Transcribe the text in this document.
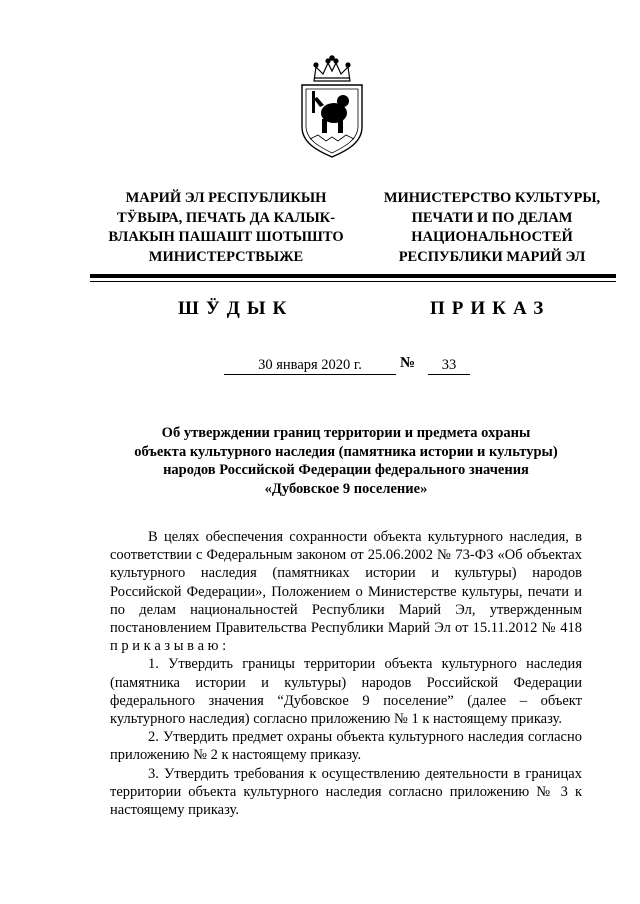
МАРИЙ ЭЛ РЕСПУБЛИКЫН
ТӰВЫРА, ПЕЧАТЬ ДА КАЛЫК-
ВЛАКЫН ПАШАШТ ШОТЫШТО
МИНИСТЕРСТВЫЖЕ
МИНИСТЕРСТВО КУЛЬТУРЫ,
ПЕЧАТИ И ПО ДЕЛАМ
НАЦИОНАЛЬНОСТЕЙ
РЕСПУБЛИКИ МАРИЙ ЭЛ
ШӰДЫК	ПРИКАЗ
30 января 2020 г.	№	33
Об утверждении границ территории и предмета охраны
объекта культурного наследия (памятника истории и культуры)
народов Российской Федерации федерального значения
«Дубовское 9 поселение»

В целях обеспечения сохранности объекта культурного наследия, в соответствии с Федеральным законом от 25.06.2002 № 73-ФЗ «Об объектах культурного наследия (памятниках истории и культуры) народов Российской Федерации», Положением о Министерстве культуры, печати и по делам национальностей Республики Марий Эл, утвержденным постановлением Правительства Республики Марий Эл от 15.11.2012 № 418 п р и к а з ы в а ю :

1. Утвердить границы территории объекта культурного наследия (памятника истории и культуры) народов Российской Федерации федерального значения “Дубовское 9 поселение” (далее – объект культурного наследия) согласно приложению № 1 к настоящему приказу.

2. Утвердить предмет охраны объекта культурного наследия согласно приложению № 2 к настоящему приказу.

3. Утвердить требования к осуществлению деятельности в границах территории объекта культурного наследия согласно приложению № 3 к настоящему приказу.
